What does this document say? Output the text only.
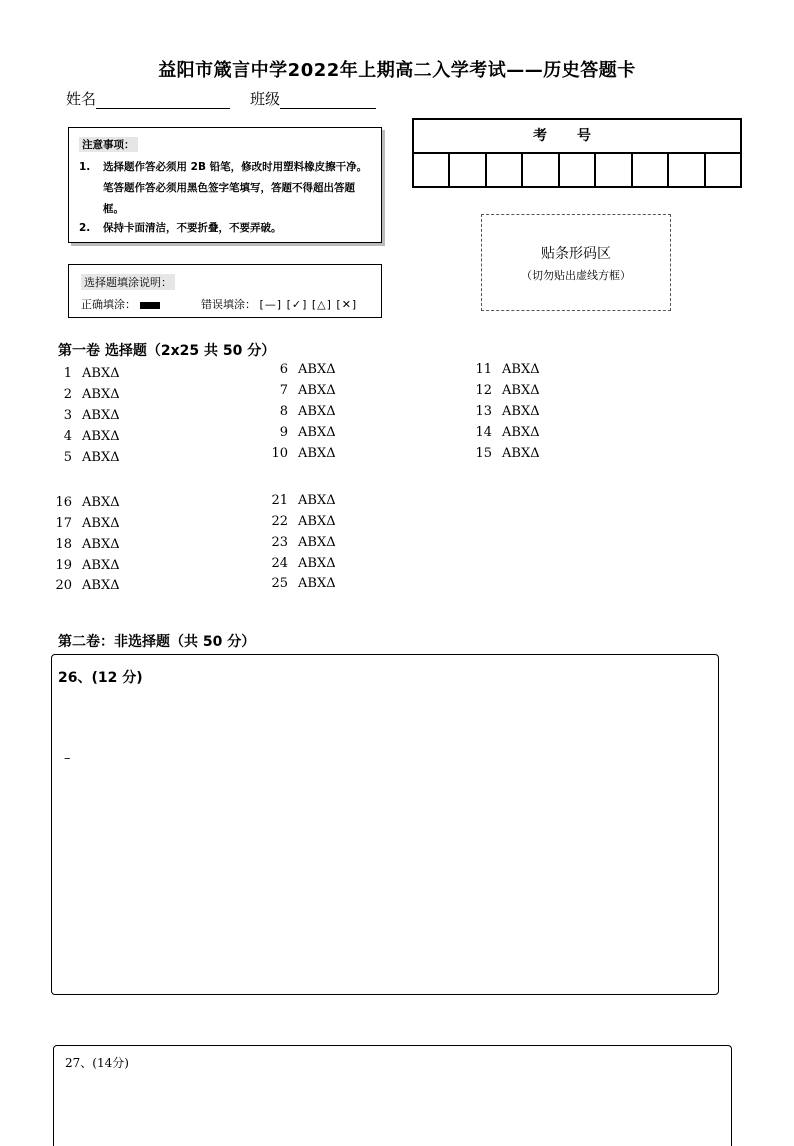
益阳市箴言中学2022年上期高二入学考试——历史答题卡
姓名	班级
注意事项：
1. 选择题作答必须用 2B 铅笔，修改时用塑料橡皮擦干净。笔答题作答必须用黑色签字笔填写，答题不得超出答题框。
2. 保持卡面清洁，不要折叠，不要弄破。
选择题填涂说明：
正确填涂：	错误填涂： [—] [✓] [△] [✕]
考号
贴条形码区
（切勿贴出虚线方框）
第一卷 选择题（2x25 共 50 分）
1 ABXΔ
2 ABXΔ
3 ABXΔ
4 ABXΔ
5 ABXΔ
6 ABXΔ
7 ABXΔ
8 ABXΔ
9 ABXΔ
10 ABXΔ
11 ABXΔ
12 ABXΔ
13 ABXΔ
14 ABXΔ
15 ABXΔ
16 ABXΔ
17 ABXΔ
18 ABXΔ
19 ABXΔ
20 ABXΔ
21 ABXΔ
22 ABXΔ
23 ABXΔ
24 ABXΔ
25 ABXΔ
第二卷：非选择题（共 50 分）
26、(12 分)
–
27、(14分)
